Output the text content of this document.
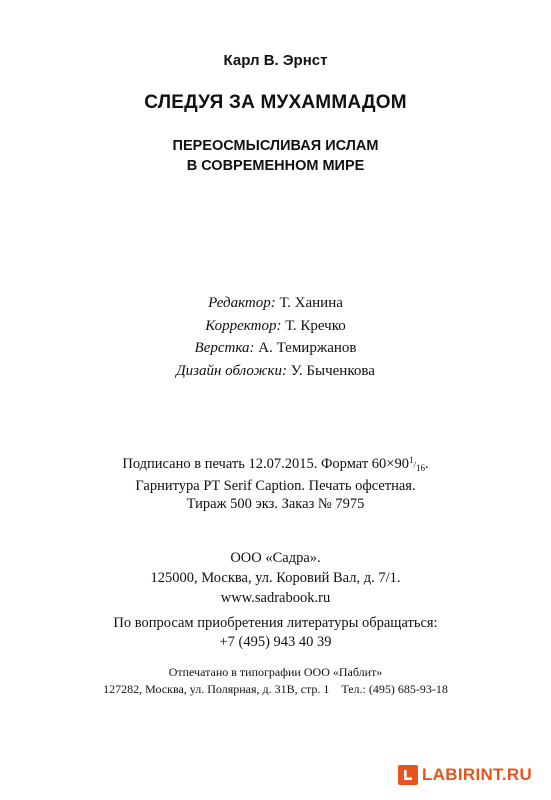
Карл В. Эрнст
СЛЕДУЯ ЗА МУХАММАДОМ
ПЕРЕОСМЫСЛИВАЯ ИСЛАМ
В СОВРЕМЕННОМ МИРЕ
Редактор: Т. Ханина
Корректор: Т. Кречко
Верстка: А. Темиржанов
Дизайн обложки: У. Быченкова
Подписано в печать 12.07.2015. Формат $60\times 90^1/_{16}$.
Гарнитура PT Serif Caption. Печать офсетная.
Тираж 500 экз. Заказ № 7975
ООО «Садра».
125000, Москва, ул. Коровий Вал, д. 7/1.
www.sadrabook.ru
По вопросам приобретения литературы обращаться:
+7 (495) 943 40 39
Отпечатано в типографии ООО «Паблит»
127282, Москва, ул. Полярная, д. 31В, стр. 1    Тел.: (495) 685-93-18
LABIRINT.RU
